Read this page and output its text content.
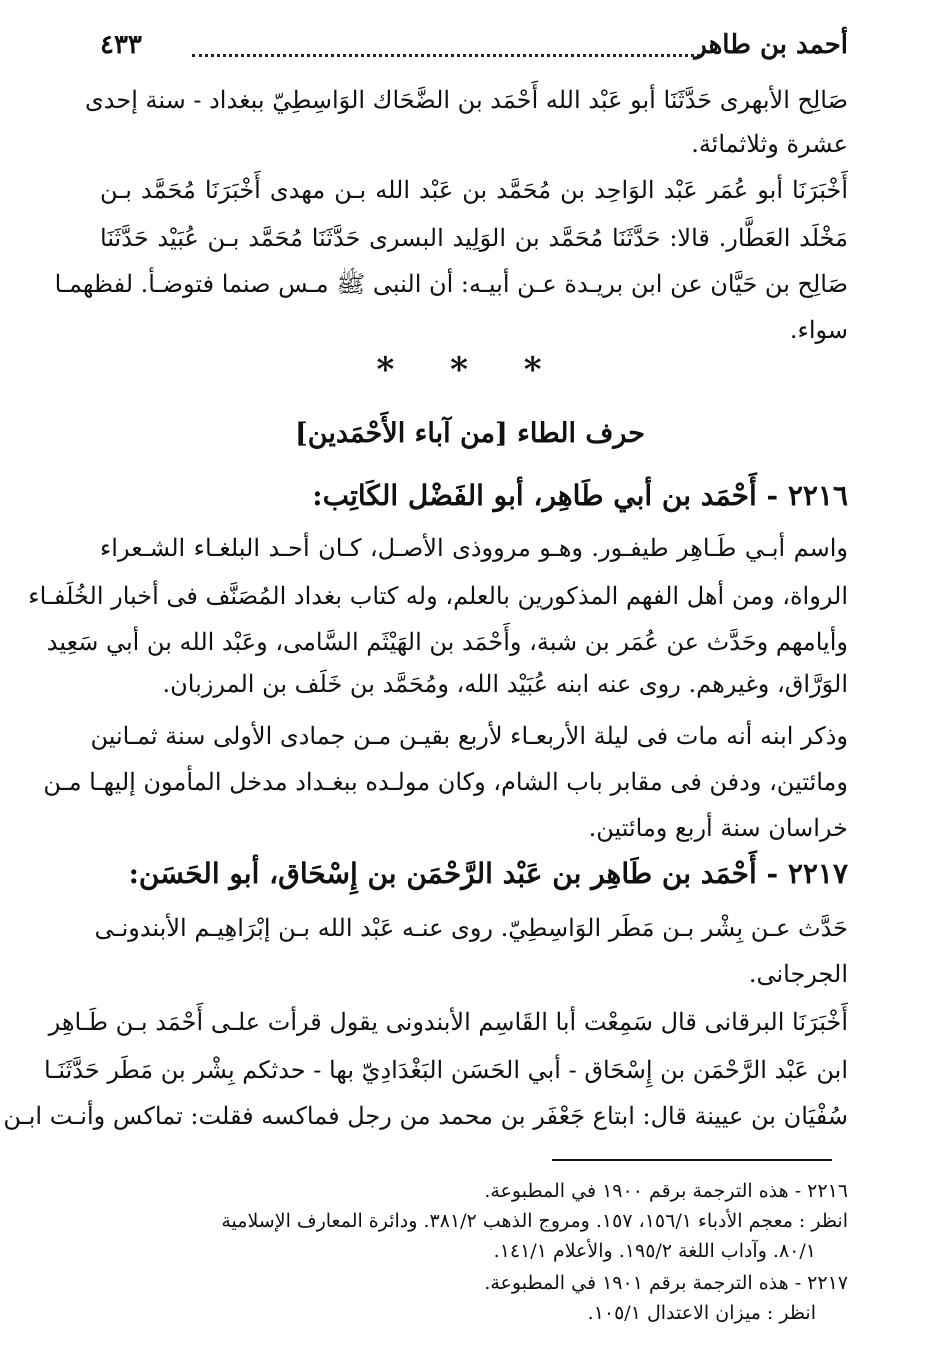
أحمد بن طاهر
٤٣٣
صَالِح الأبهرى حَدَّثَنَا أبو عَبْد الله أَحْمَد بن الضَّحَاك الوَاسِطِيّ ببغداد - سنة إحدى
عشرة وثلاثمائة.
أَخْبَرَنَا أبو عُمَر عَبْد الوَاحِد بن مُحَمَّد بن عَبْد الله بـن مهدى أَخْبَرَنَا مُحَمَّد بـن
مَخْلَد العَطَّار. قالا: حَدَّثَنَا مُحَمَّد بن الوَلِيد البسرى حَدَّثَنَا مُحَمَّد بـن عُبَيْد حَدَّثَنَا
صَالِح بن حَيَّان عن ابن بريـدة عـن أبيـه: أن النبى ﷺ مـس صنما فتوضـأ. لفظهمـا
سواء.
* * *
حرف الطاء [من آباء الأَحْمَدين]
٢٢١٦ - أَحْمَد بن أبي طَاهِر، أبو الفَضْل الكَاتِب:
واسم أبـي طَـاهِر طيفـور. وهـو مرووذى الأصـل، كـان أحـد البلغـاء الشـعراء
الرواة، ومن أهل الفهم المذكورين بالعلم، وله كتاب بغداد المُصَنَّف فى أخبار الخُلَفـاء
وأيامهم وحَدَّث عن عُمَر بن شبة، وأَحْمَد بن الهَيْثَم السَّامى، وعَبْد الله بن أبي سَعِيد
الوَرَّاق، وغيرهم. روى عنه ابنه عُبَيْد الله، ومُحَمَّد بن خَلَف بن المرزبان.
وذكر ابنه أنه مات فى ليلة الأربعـاء لأربع بقيـن مـن جمادى الأولى سنة ثمـانين
ومائتين، ودفن فى مقابر باب الشام، وكان مولـده ببغـداد مدخل المأمون إليهـا مـن
خراسان سنة أربع ومائتين.
٢٢١٧ - أَحْمَد بن طَاهِر بن عَبْد الرَّحْمَن بن إِسْحَاق، أبو الحَسَن:
حَدَّث عـن بِشْر بـن مَطَر الوَاسِطِيّ. روى عنـه عَبْد الله بـن إبْرَاهِيـم الأبندونـى
الجرجانى.
أَخْبَرَنَا البرقانى قال سَمِعْت أبا القَاسِم الأبندونى يقول قرأت علـى أَحْمَد بـن طَـاهِر
ابن عَبْد الرَّحْمَن بن إِسْحَاق - أبي الحَسَن البَغْدَادِيّ بها - حدثكم بِشْر بن مَطَر حَدَّثَنَـا
سُفْيَان بن عيينة قال: ابتاع جَعْفَر بن محمد من رجل فماكسه فقلت: تماكس وأنـت ابـن
٢٢١٦ - هذه الترجمة برقم ١٩٠٠ في المطبوعة.
انظر : معجم الأدباء ١٥٦/١، ١٥٧. ومروج الذهب ٣٨١/٢. ودائرة المعارف الإسلامية
٨٠/١. وآداب اللغة ١٩٥/٢. والأعلام ١٤١/١.
٢٢١٧ - هذه الترجمة برقم ١٩٠١ في المطبوعة.
انظر : ميزان الاعتدال ١٠٥/١.
